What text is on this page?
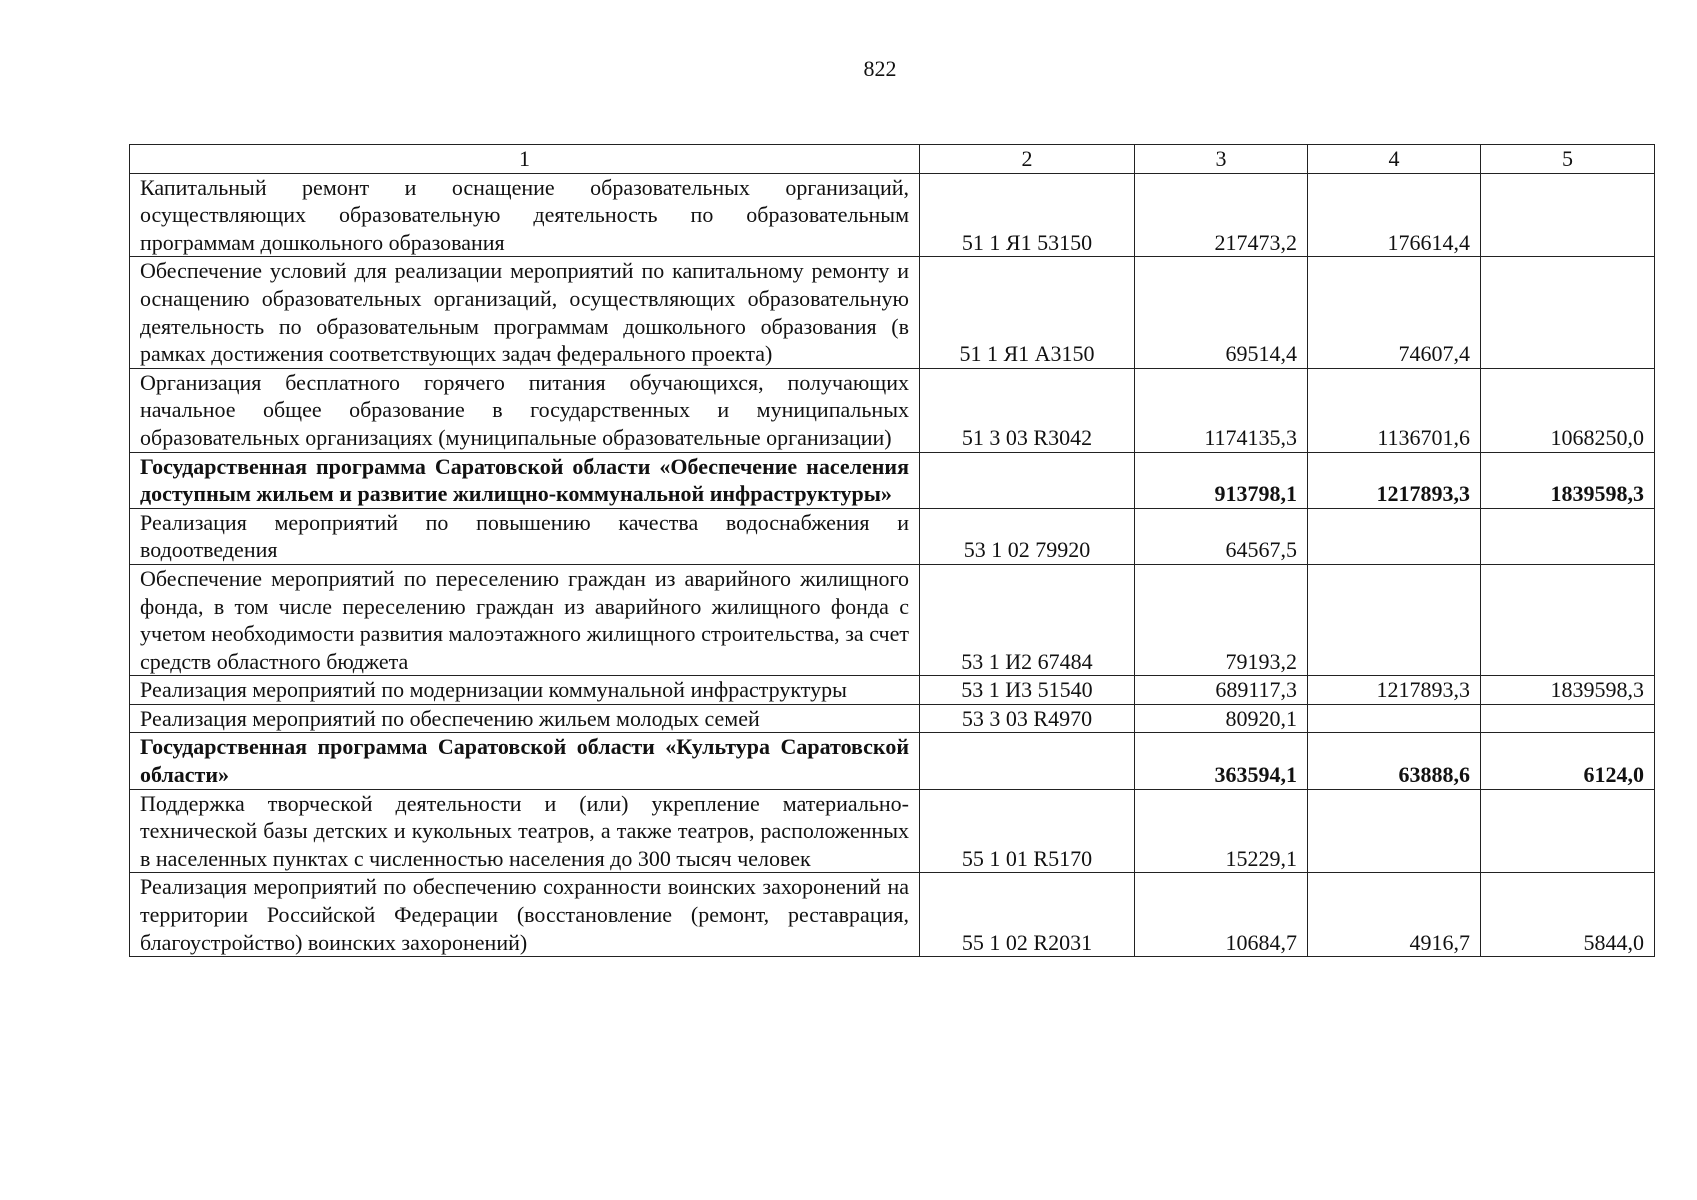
822
1	2	3	4	5
Капитальный ремонт и оснащение образовательных организаций, осуществляющих образовательную деятельность по образовательным программам дошкольного образования	51 1 Я1 53150	217473,2	176614,4	
Обеспечение условий для реализации мероприятий по капитальному ремонту и оснащению образовательных организаций, осуществляющих образовательную деятельность по образовательным программам дошкольного образования (в рамках достижения соответствующих задач федерального проекта)	51 1 Я1 А3150	69514,4	74607,4	
Организация бесплатного горячего питания обучающихся, получающих начальное общее образование в государственных и муниципальных образовательных организациях (муниципальные образовательные организации)	51 3 03 R3042	1174135,3	1136701,6	1068250,0
Государственная программа Саратовской области «Обеспечение населения доступным жильем и развитие жилищно-коммунальной инфраструктуры»		913798,1	1217893,3	1839598,3
Реализация мероприятий по повышению качества водоснабжения и водоотведения	53 1 02 79920	64567,5		
Обеспечение мероприятий по переселению граждан из аварийного жилищного фонда, в том числе переселению граждан из аварийного жилищного фонда с учетом необходимости развития малоэтажного жилищного строительства, за счет средств областного бюджета	53 1 И2 67484	79193,2		
Реализация мероприятий по модернизации коммунальной инфраструктуры	53 1 И3 51540	689117,3	1217893,3	1839598,3
Реализация мероприятий по обеспечению жильем молодых семей	53 3 03 R4970	80920,1		
Государственная программа Саратовской области «Культура Саратовской области»		363594,1	63888,6	6124,0
Поддержка творческой деятельности и (или) укрепление материально-технической базы детских и кукольных театров, а также театров, расположенных в населенных пунктах с численностью населения до 300 тысяч человек	55 1 01 R5170	15229,1		
Реализация мероприятий по обеспечению сохранности воинских захоронений на территории Российской Федерации (восстановление (ремонт, реставрация, благоустройство) воинских захоронений)	55 1 02 R2031	10684,7	4916,7	5844,0
